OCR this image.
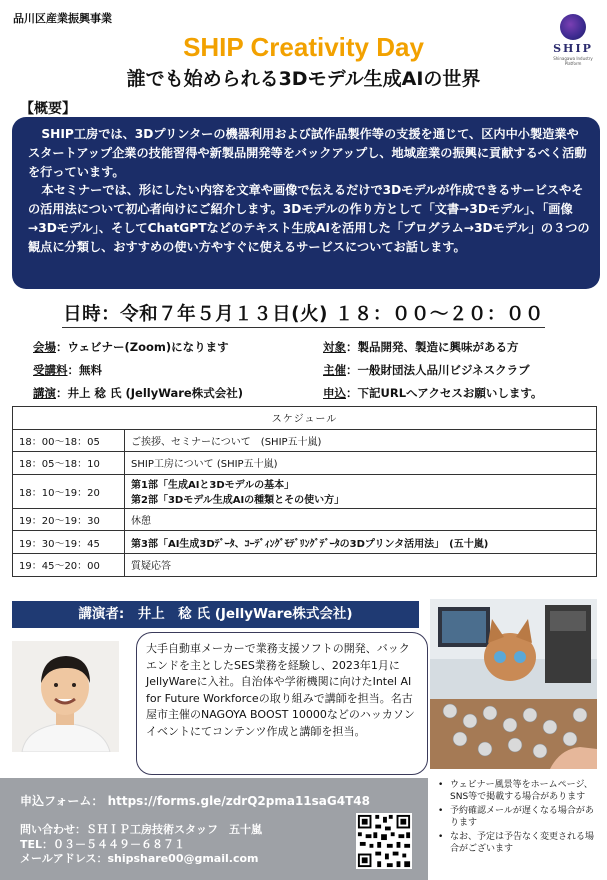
品川区産業振興事業
SHIP
Shinagawa Industry Platform
SHIP Creativity Day
誰でも始められる3Dモデル生成AIの世界
【概要】

SHIP工房では、3Dプリンターの機器利用および試作品製作等の支援を通じて、区内中小製造業やスタートアップ企業の技能習得や新製品開発等をバックアップし、地域産業の振興に貢献するべく活動を行っています。

本セミナーでは、形にしたい内容を文章や画像で伝えるだけで3Dモデルが作成できるサービスやその活用法について初心者向けにご紹介します。3Dモデルの作り方として「文書→3Dモデル」、「画像→3Dモデル」、そしてChatGPTなどのテキスト生成AIを活用した「プログラム→3Dモデル」の３つの観点に分類し、おすすめの使い方やすぐに使えるサービスについてお話します。

日時：令和７年５月１３日(火) １８：００～２０：００
会場：ウェビナー(Zoom)になります	対象：製品開発、製造に興味がある方
受講料：無料	主催：一般財団法人品川ビジネスクラブ
講演：井上 稔 氏 (JellyWare株式会社)	申込：下記URLへアクセスお願いします。
スケジュール	
18：00～18：05	ご挨拶、セミナーについて　(SHIP五十嵐)
18：05～18：10	SHIP工房について (SHIP五十嵐)
18：10～19：20	第1部「生成AIと3Dモデルの基本」
第2部「3Dモデル生成AIの種類とその使い方」

19：20～19：30	休憩
19：30～19：45	第3部「AI生成3Dﾃﾞｰﾀ、ｺｰﾃﾞｨﾝｸﾞﾓﾃﾞﾘﾝｸﾞﾃﾞｰﾀの3Dプリンタ活用法」　(五十嵐)
19：45～20：00	質疑応答
講演者:　井上　稔 氏 (JellyWare株式会社)
大手自動車メーカーで業務支援ソフトの開発、バックエンドを主としたSES業務を経験し、2023年1月にJellyWareに入社。自治体や学術機関に向けたIntel AI for Future Workforceの取り組みで講師を担当。名古屋市主催のNAGOYA BOOST 10000などのハッカソンイベントにてコンテンツ作成と講師を担当。
• ウェビナー風景等をホームページ、SNS等で掲載する場合があります
• 予約確認メールが遅くなる場合があります
• なお、予定は予告なく変更される場合がございます
申込フォーム： https://forms.gle/zdrQ2pma11saG4T48
問い合わせ：ＳＨＩＰ工房技術スタッフ　五十嵐
TEL：０３－５４４９－６８７１
メールアドレス：shipshare00@gmail.com
